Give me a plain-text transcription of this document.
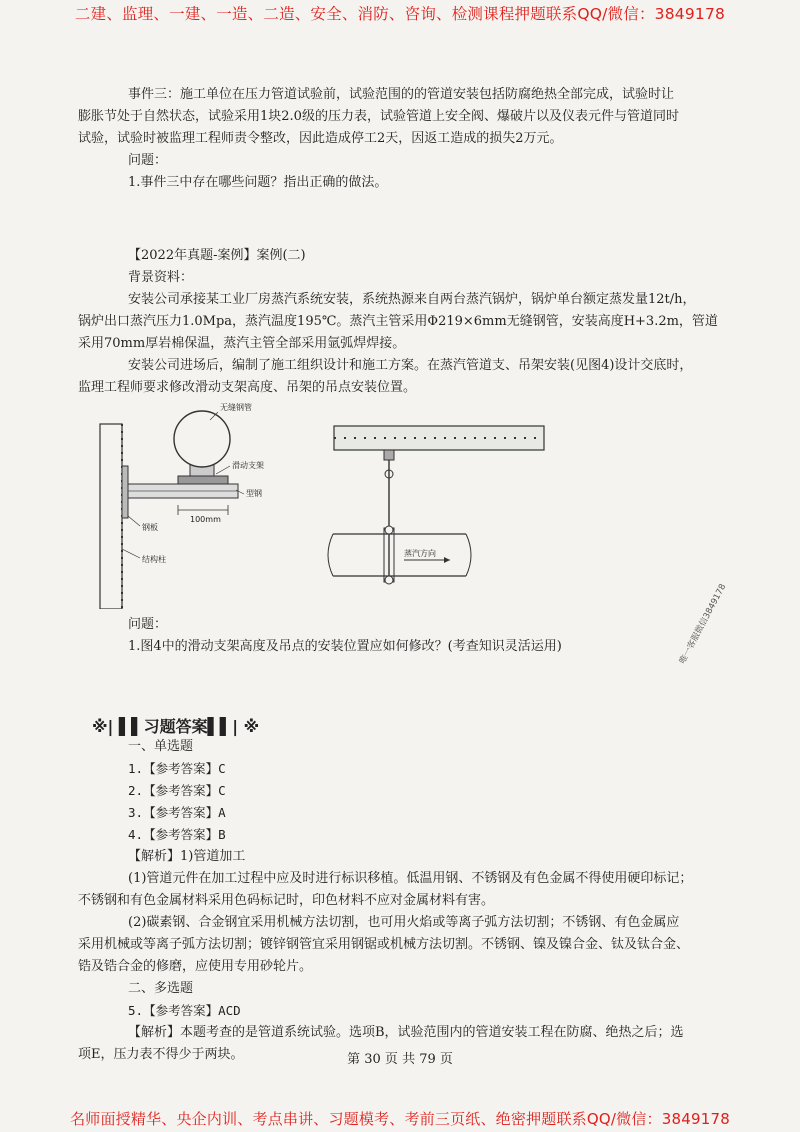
二建、监理、一建、一造、二造、安全、消防、咨询、检测课程押题联系QQ/微信：3849178

事件三：施工单位在压力管道试验前，试验范围的的管道安装包括防腐绝热全部完成，试验时让

膨胀节处于自然状态，试验采用1块2.0级的压力表，试验管道上安全阀、爆破片以及仪表元件与管道同时

试验，试验时被监理工程师责令整改，因此造成停工2天，因返工造成的损失2万元。

问题：

1.事件三中存在哪些问题？指出正确的做法。

【2022年真题-案例】案例(二)

背景资料：

安装公司承接某工业厂房蒸汽系统安装，系统热源来自两台蒸汽锅炉，锅炉单台额定蒸发量12t/h，

锅炉出口蒸汽压力1.0Mpa，蒸汽温度195℃。蒸汽主管采用Φ219×6mm无缝钢管，安装高度H+3.2m，管道

采用70mm厚岩棉保温，蒸汽主管全部采用氩弧焊焊接。

安装公司进场后，编制了施工组织设计和施工方案。在蒸汽管道支、吊架安装(见图4)设计交底时，

监理工程师要求修改滑动支架高度、吊架的吊点安装位置。

无缝钢管
滑动支架
型钢
100mm
钢板
结构柱
蒸汽方向

问题：

1.图4中的滑动支架高度及吊点的安装位置应如何修改？(考查知识灵活运用)	唯一客服微信3849178
※| ▌▌习题答案▌▌| ※

一、单选题

1.【参考答案】C

2.【参考答案】C

3.【参考答案】A

4.【参考答案】B

【解析】1)管道加工

(1)管道元件在加工过程中应及时进行标识移植。低温用钢、不锈钢及有色金属不得使用硬印标记；

不锈钢和有色金属材料采用色码标记时，印色材料不应对金属材料有害。

(2)碳素钢、合金钢宜采用机械方法切割，也可用火焰或等离子弧方法切割；不锈钢、有色金属应

采用机械或等离子弧方法切割；镀锌钢管宜采用钢锯或机械方法切割。不锈钢、镍及镍合金、钛及钛合金、

锆及锆合金的修磨，应使用专用砂轮片。

二、多选题

5.【参考答案】ACD

【解析】本题考查的是管道系统试验。选项B，试验范围内的管道安装工程在防腐、绝热之后；选

项E，压力表不得少于两块。	第 30 页 共 79 页
名师面授精华、央企内训、考点串讲、习题模考、考前三页纸、绝密押题联系QQ/微信：3849178
